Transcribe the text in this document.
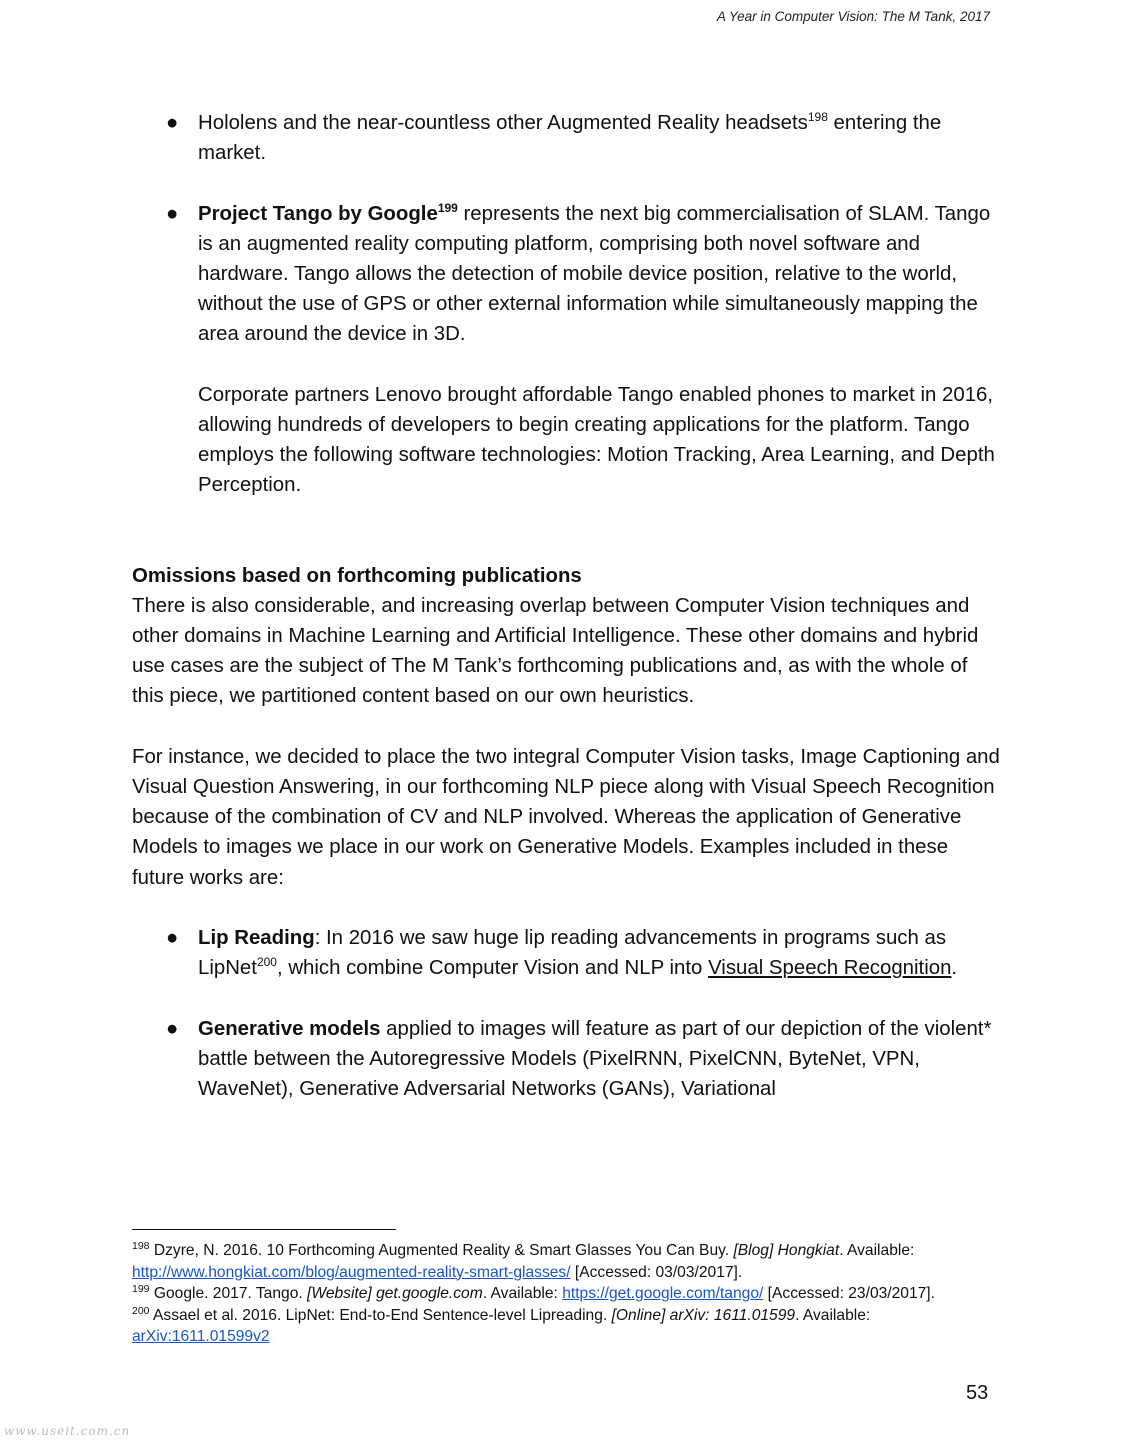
A Year in Computer Vision: The M Tank, 2017
● Hololens and the near-countless other Augmented Reality headsets$^{198}$ entering the market.
● Project Tango by Google$^{199}$ represents the next big commercialisation of SLAM. Tango is an augmented reality computing platform, comprising both novel software and hardware. Tango allows the detection of mobile device position, relative to the world, without the use of GPS or other external information while simultaneously mapping the area around the device in 3D.
Corporate partners Lenovo brought affordable Tango enabled phones to market in 2016, allowing hundreds of developers to begin creating applications for the platform. Tango employs the following software technologies: Motion Tracking, Area Learning, and Depth Perception.
Omissions based on forthcoming publications
There is also considerable, and increasing overlap between Computer Vision techniques and other domains in Machine Learning and Artificial Intelligence. These other domains and hybrid use cases are the subject of The M Tank’s forthcoming publications and, as with the whole of this piece, we partitioned content based on our own heuristics.
For instance, we decided to place the two integral Computer Vision tasks, Image Captioning and Visual Question Answering, in our forthcoming NLP piece along with Visual Speech Recognition because of the combination of CV and NLP involved. Whereas the application of Generative Models to images we place in our work on Generative Models. Examples included in these future works are:
● Lip Reading: In 2016 we saw huge lip reading advancements in programs such as LipNet$^{200}$, which combine Computer Vision and NLP into Visual Speech Recognition.
● Generative models applied to images will feature as part of our depiction of the violent* battle between the Autoregressive Models (PixelRNN, PixelCNN, ByteNet, VPN, WaveNet), Generative Adversarial Networks (GANs), Variational
$^{198}$ Dzyre, N. 2016. 10 Forthcoming Augmented Reality & Smart Glasses You Can Buy. [Blog] Hongkiat. Available: http://www.hongkiat.com/blog/augmented-reality-smart-glasses/ [Accessed: 03/03/2017].
$^{199}$ Google. 2017. Tango. [Website] get.google.com. Available: https://get.google.com/tango/ [Accessed: 23/03/2017].
$^{200}$ Assael et al. 2016. LipNet: End-to-End Sentence-level Lipreading. [Online] arXiv: 1611.01599. Available: arXiv:1611.01599v2
53
www.useit.com.cn
